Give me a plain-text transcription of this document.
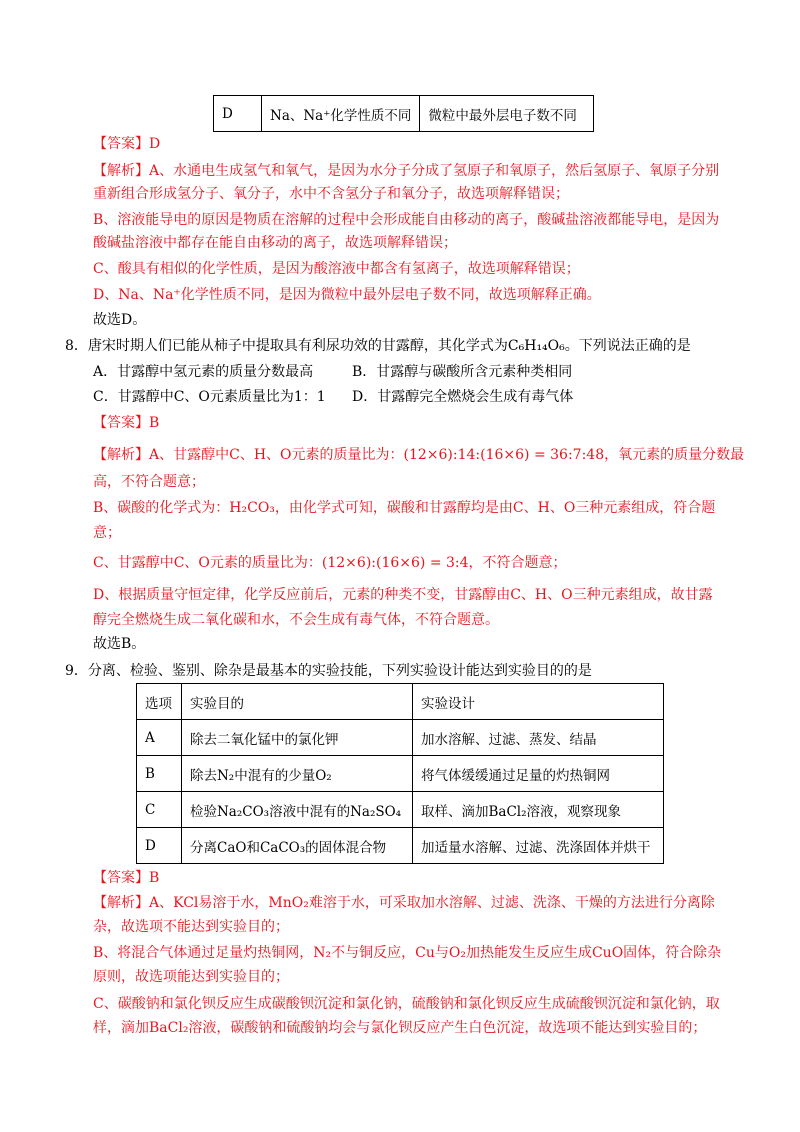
D	Na、Na⁺化学性质不同	微粒中最外层电子数不同
【答案】D
【解析】A、水通电生成氢气和氧气，是因为水分子分成了氢原子和氧原子，然后氢原子、氧原子分别
重新组合形成氢分子、氧分子，水中不含氢分子和氧分子，故选项解释错误；
B、溶液能导电的原因是物质在溶解的过程中会形成能自由移动的离子，酸碱盐溶液都能导电，是因为
酸碱盐溶液中都存在能自由移动的离子，故选项解释错误；
C、酸具有相似的化学性质，是因为酸溶液中都含有氢离子，故选项解释错误；
D、Na、Na⁺化学性质不同，是因为微粒中最外层电子数不同，故选项解释正确。
故选D。
8．唐宋时期人们已能从柿子中提取具有利尿功效的甘露醇，其化学式为C₆H₁₄O₆。下列说法正确的是
A．甘露醇中氢元素的质量分数最高	B．甘露醇与碳酸所含元素种类相同
C．甘露醇中C、O元素质量比为1：1 D．甘露醇完全燃烧会生成有毒气体
【答案】B
【解析】A、甘露醇中C、H、O元素的质量比为：(12×6):14:(16×6) = 36:7:48，氧元素的质量分数最
高，不符合题意；
B、碳酸的化学式为：H₂CO₃，由化学式可知，碳酸和甘露醇均是由C、H、O三种元素组成，符合题
意；
C、甘露醇中C、O元素的质量比为：(12×6):(16×6) = 3:4，不符合题意；
D、根据质量守恒定律，化学反应前后，元素的种类不变，甘露醇由C、H、O三种元素组成，故甘露
醇完全燃烧生成二氧化碳和水，不会生成有毒气体，不符合题意。
故选B。
9．分离、检验、鉴别、除杂是最基本的实验技能，下列实验设计能达到实验目的的是
选项	实验目的	实验设计
A	除去二氧化锰中的氯化钾	加水溶解、过滤、蒸发、结晶
B	除去N₂中混有的少量O₂	将气体缓缓通过足量的灼热铜网
C	检验Na₂CO₃溶液中混有的Na₂SO₄	取样、滴加BaCl₂溶液，观察现象
D	分离CaO和CaCO₃的固体混合物	加适量水溶解、过滤、洗涤固体并烘干
【答案】B
【解析】A、KCl易溶于水，MnO₂难溶于水，可采取加水溶解、过滤、洗涤、干燥的方法进行分离除
杂，故选项不能达到实验目的；
B、将混合气体通过足量灼热铜网，N₂不与铜反应，Cu与O₂加热能发生反应生成CuO固体，符合除杂
原则，故选项能达到实验目的；
C、碳酸钠和氯化钡反应生成碳酸钡沉淀和氯化钠，硫酸钠和氯化钡反应生成硫酸钡沉淀和氯化钠，取
样，滴加BaCl₂溶液，碳酸钠和硫酸钠均会与氯化钡反应产生白色沉淀，故选项不能达到实验目的；
